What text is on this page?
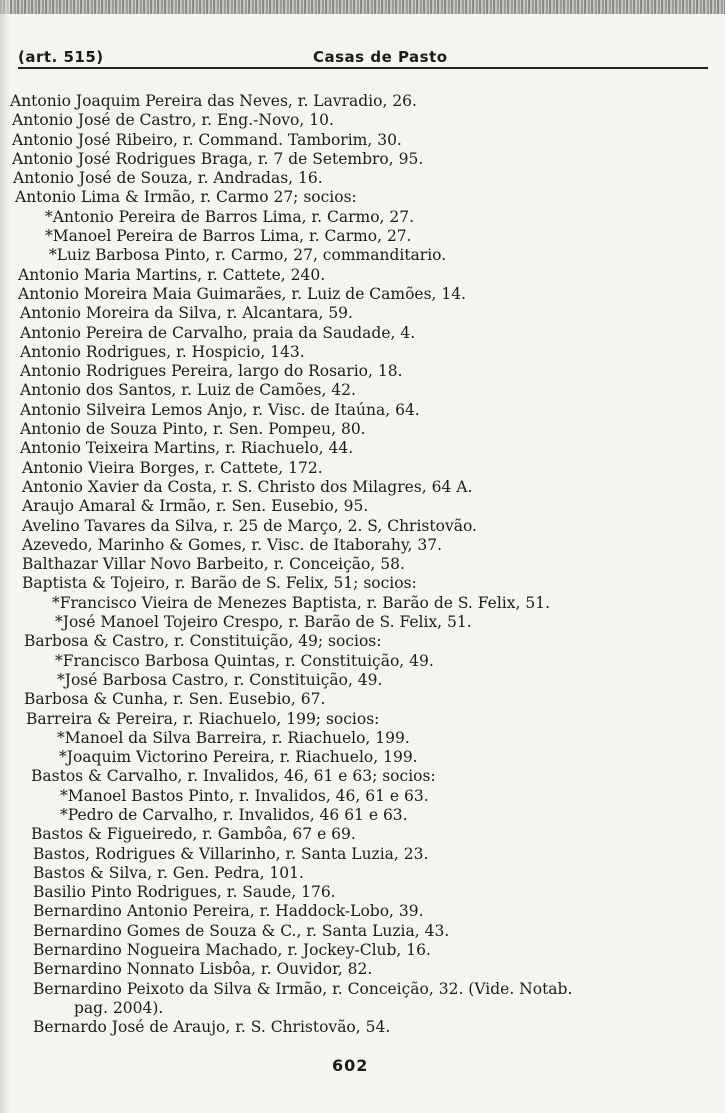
(art. 515)	Casas de Pasto
Antonio Joaquim Pereira das Neves, r. Lavradio, 26.
Antonio José de Castro, r. Eng.-Novo, 10.
Antonio José Ribeiro, r. Command. Tamborim, 30.
Antonio José Rodrigues Braga, r. 7 de Setembro, 95.
Antonio José de Souza, r. Andradas, 16.
Antonio Lima & Irmão, r. Carmo 27; socios:
*Antonio Pereira de Barros Lima, r. Carmo, 27.
*Manoel Pereira de Barros Lima, r. Carmo, 27.
*Luiz Barbosa Pinto, r. Carmo, 27, commanditario.
Antonio Maria Martins, r. Cattete, 240.
Antonio Moreira Maia Guimarães, r. Luiz de Camões, 14.
Antonio Moreira da Silva, r. Alcantara, 59.
Antonio Pereira de Carvalho, praia da Saudade, 4.
Antonio Rodrigues, r. Hospicio, 143.
Antonio Rodrigues Pereira, largo do Rosario, 18.
Antonio dos Santos, r. Luiz de Camões, 42.
Antonio Silveira Lemos Anjo, r. Visc. de Itaúna, 64.
Antonio de Souza Pinto, r. Sen. Pompeu, 80.
Antonio Teixeira Martins, r. Riachuelo, 44.
Antonio Vieira Borges, r. Cattete, 172.
Antonio Xavier da Costa, r. S. Christo dos Milagres, 64 A.
Araujo Amaral & Irmão, r. Sen. Eusebio, 95.
Avelino Tavares da Silva, r. 25 de Março, 2. S, Christovão.
Azevedo, Marinho & Gomes, r. Visc. de Itaborahy, 37.
Balthazar Villar Novo Barbeito, r. Conceição, 58.
Baptista & Tojeiro, r. Barão de S. Felix, 51; socios:
*Francisco Vieira de Menezes Baptista, r. Barão de S. Felix, 51.
*José Manoel Tojeiro Crespo, r. Barão de S. Felix, 51.
Barbosa & Castro, r. Constituição, 49; socios:
*Francisco Barbosa Quintas, r. Constituição, 49.
*José Barbosa Castro, r. Constituição, 49.
Barbosa & Cunha, r. Sen. Eusebio, 67.
Barreira & Pereira, r. Riachuelo, 199; socios:
*Manoel da Silva Barreira, r. Riachuelo, 199.
*Joaquim Victorino Pereira, r. Riachuelo, 199.
Bastos & Carvalho, r. Invalidos, 46, 61 e 63; socios:
*Manoel Bastos Pinto, r. Invalidos, 46, 61 e 63.
*Pedro de Carvalho, r. Invalidos, 46 61 e 63.
Bastos & Figueiredo, r. Gambôa, 67 e 69.
Bastos, Rodrigues & Villarinho, r. Santa Luzia, 23.
Bastos & Silva, r. Gen. Pedra, 101.
Basilio Pinto Rodrigues, r. Saude, 176.
Bernardino Antonio Pereira, r. Haddock-Lobo, 39.
Bernardino Gomes de Souza & C., r. Santa Luzia, 43.
Bernardino Nogueira Machado, r. Jockey-Club, 16.
Bernardino Nonnato Lisbôa, r. Ouvidor, 82.
Bernardino Peixoto da Silva & Irmão, r. Conceição, 32. (Vide. Notab.
pag. 2004).
Bernardo José de Araujo, r. S. Christovão, 54.
602
